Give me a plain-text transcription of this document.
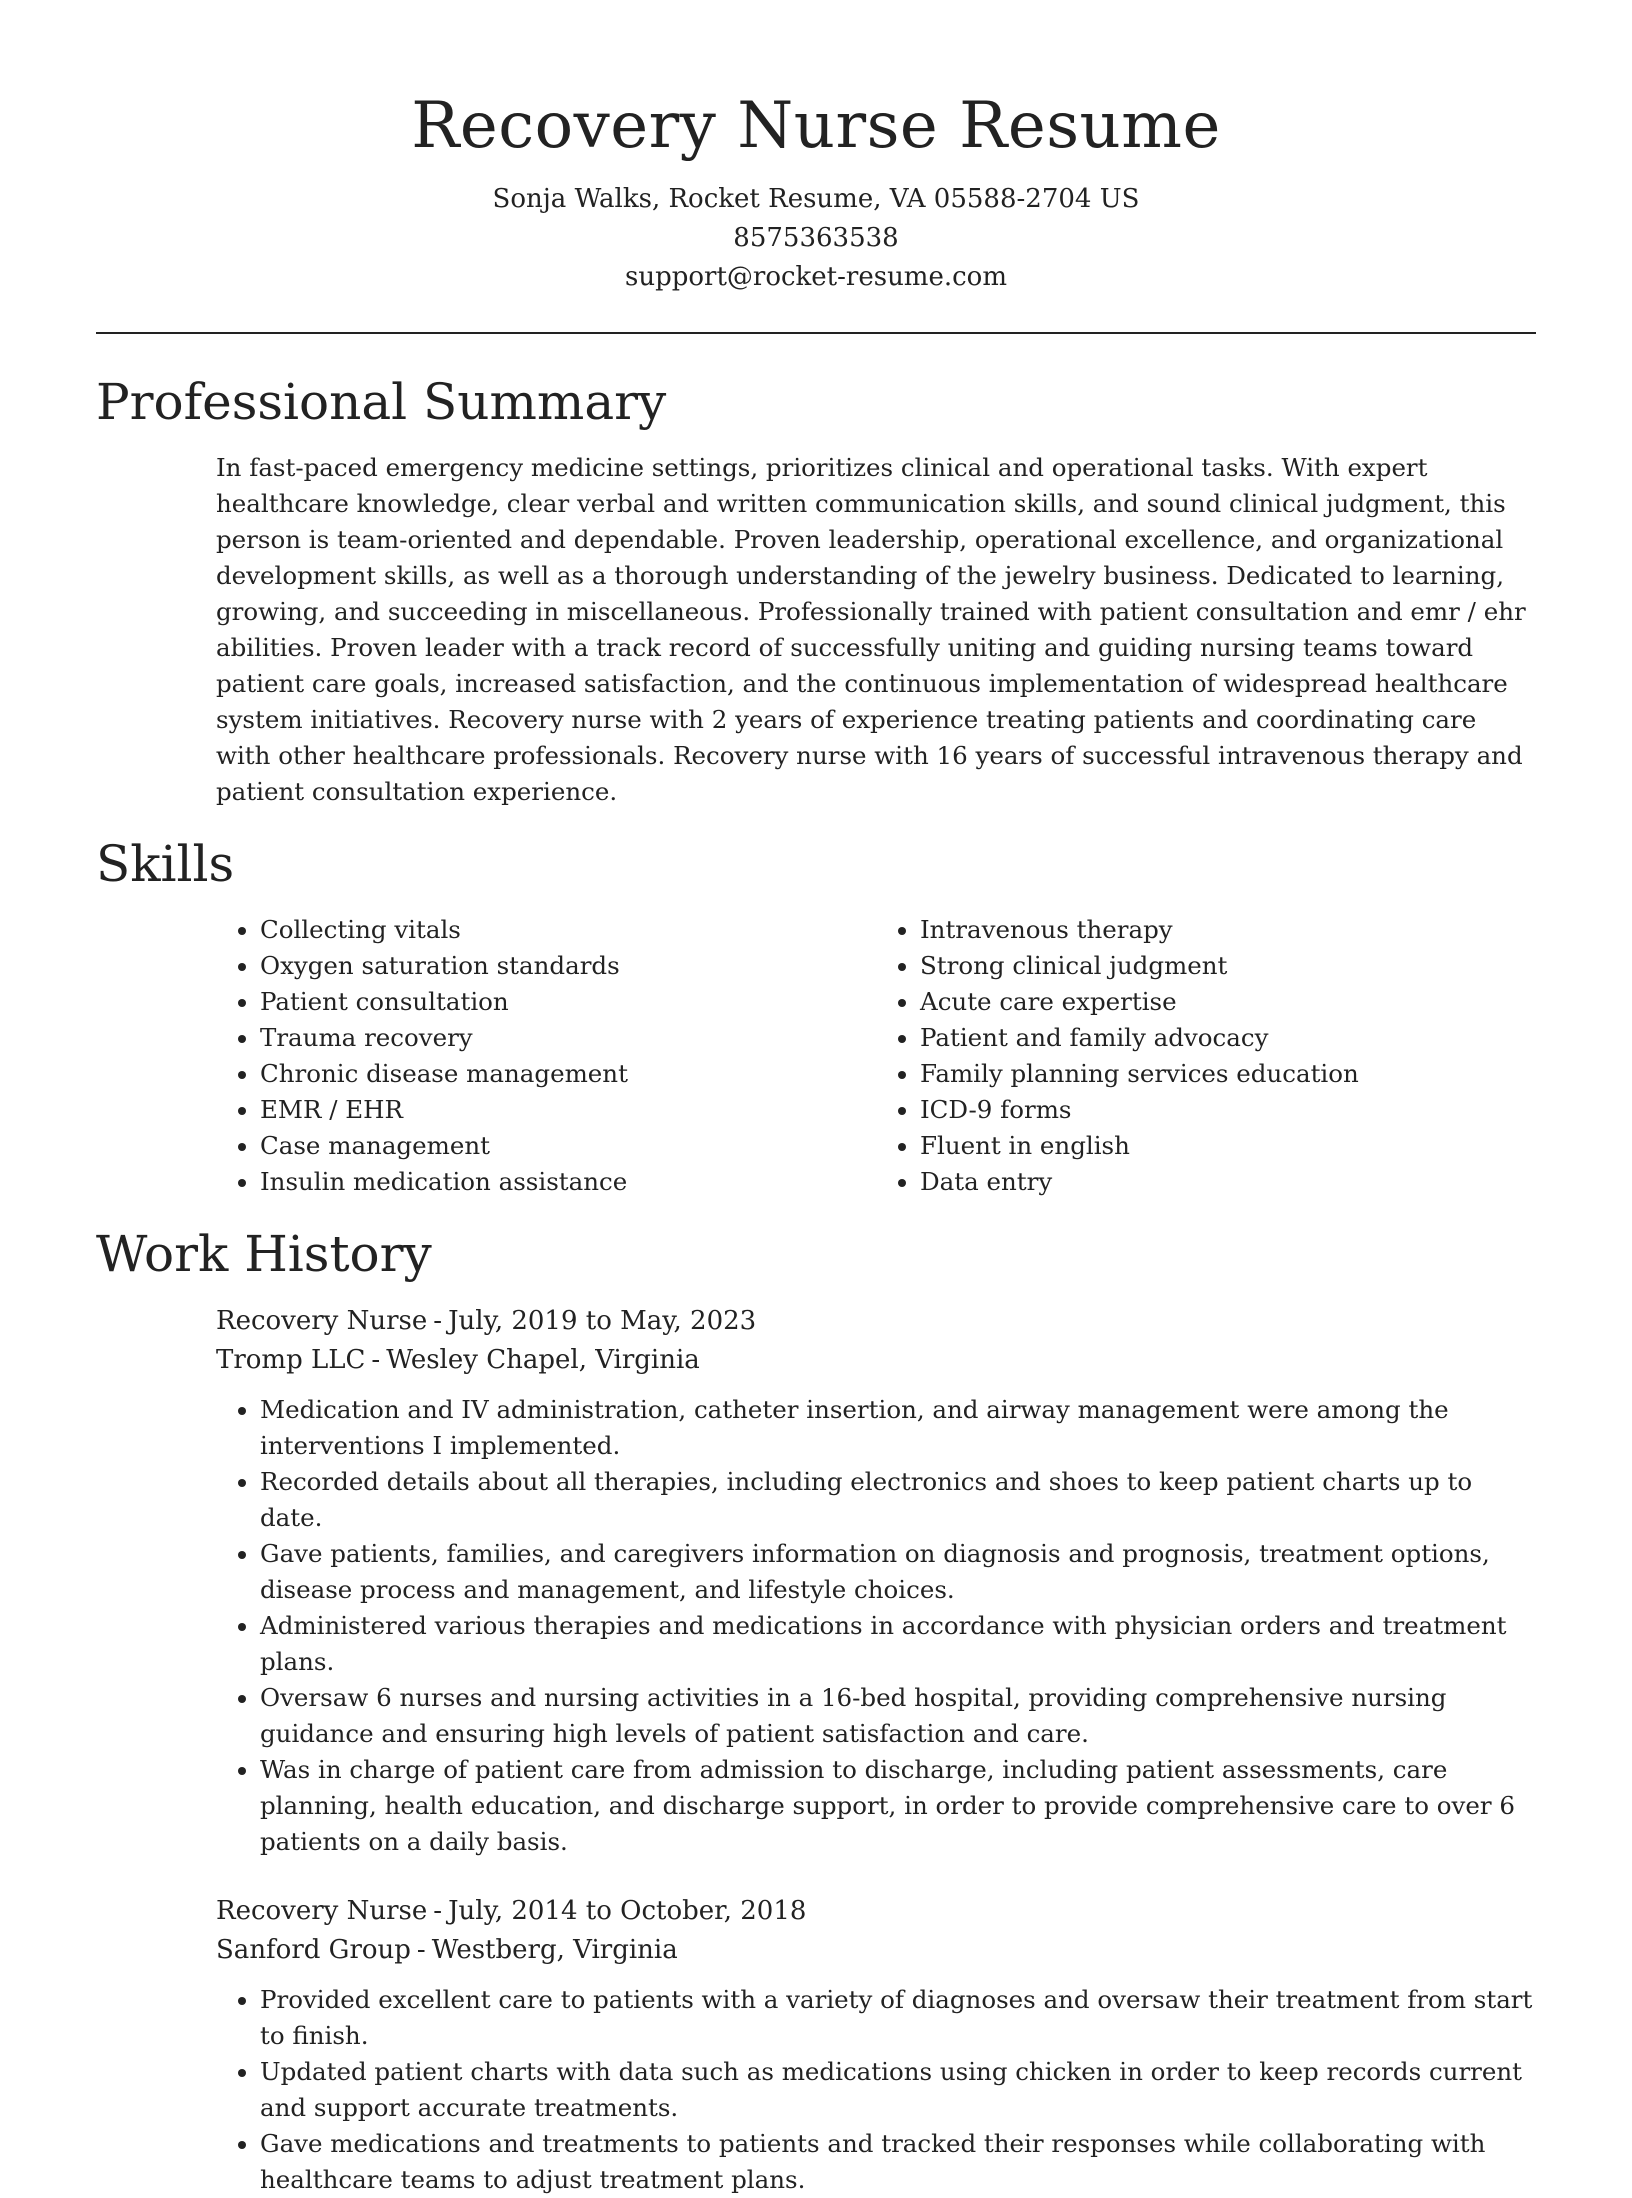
Recovery Nurse Resume
Sonja Walks, Rocket Resume, VA 05588-2704 US
8575363538
support@rocket-resume.com
Professional Summary

In fast-paced emergency medicine settings, prioritizes clinical and operational tasks. With expert healthcare knowledge, clear verbal and written communication skills, and sound clinical judgment, this person is team-oriented and dependable. Proven leadership, operational excellence, and organizational development skills, as well as a thorough understanding of the jewelry business. Dedicated to learning, growing, and succeeding in miscellaneous. Professionally trained with patient consultation and emr / ehr abilities. Proven leader with a track record of successfully uniting and guiding nursing teams toward patient care goals, increased satisfaction, and the continuous implementation of widespread healthcare system initiatives. Recovery nurse with 2 years of experience treating patients and coordinating care with other healthcare professionals. Recovery nurse with 16 years of successful intravenous therapy and patient consultation experience.

Skills
• Collecting vitals
• Oxygen saturation standards
• Patient consultation
• Trauma recovery
• Chronic disease management
• EMR / EHR
• Case management
• Insulin medication assistance
• Intravenous therapy
• Strong clinical judgment
• Acute care expertise
• Patient and family advocacy
• Family planning services education
• ICD-9 forms
• Fluent in english
• Data entry
Work History
Recovery Nurse - July, 2019 to May, 2023
Tromp LLC - Wesley Chapel, Virginia
• Medication and IV administration, catheter insertion, and airway management were among the interventions I implemented.
• Recorded details about all therapies, including electronics and shoes to keep patient charts up to date.
• Gave patients, families, and caregivers information on diagnosis and prognosis, treatment options, disease process and management, and lifestyle choices.
• Administered various therapies and medications in accordance with physician orders and treatment plans.
• Oversaw 6 nurses and nursing activities in a 16-bed hospital, providing comprehensive nursing guidance and ensuring high levels of patient satisfaction and care.
• Was in charge of patient care from admission to discharge, including patient assessments, care planning, health education, and discharge support, in order to provide comprehensive care to over 6 patients on a daily basis.
Recovery Nurse - July, 2014 to October, 2018
Sanford Group - Westberg, Virginia
• Provided excellent care to patients with a variety of diagnoses and oversaw their treatment from start to finish.
• Updated patient charts with data such as medications using chicken in order to keep records current and support accurate treatments.
• Gave medications and treatments to patients and tracked their responses while collaborating with healthcare teams to adjust treatment plans.
